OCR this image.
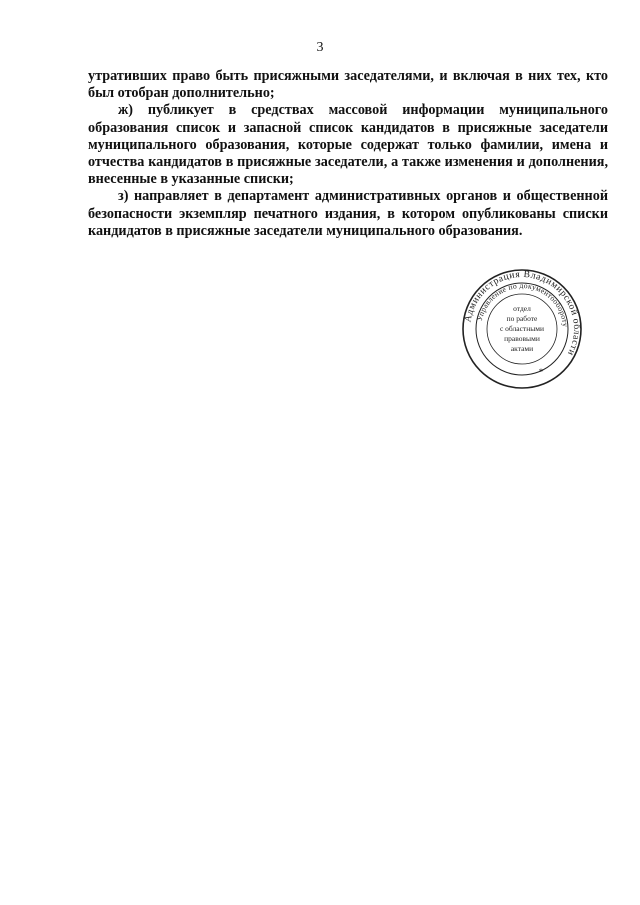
3

утративших право быть присяжными заседателями, и включая в них тех, кто был отобран дополнительно;

ж) публикует в средствах массовой информации муниципального образования список и запасной список кандидатов в присяжные заседатели муниципального образования, которые содержат только фамилии, имена и отчества кандидатов в присяжные заседатели, а также изменения и дополнения, внесенные в указанные списки;

з) направляет в департамент административных органов и общественной безопасности экземпляр печатного издания, в котором опубликованы списки кандидатов в присяжные заседатели муниципального образования.

Администрация Владимирской области
Управление по документообороту
отдел
по работе
с областными
правовыми
актами
*
